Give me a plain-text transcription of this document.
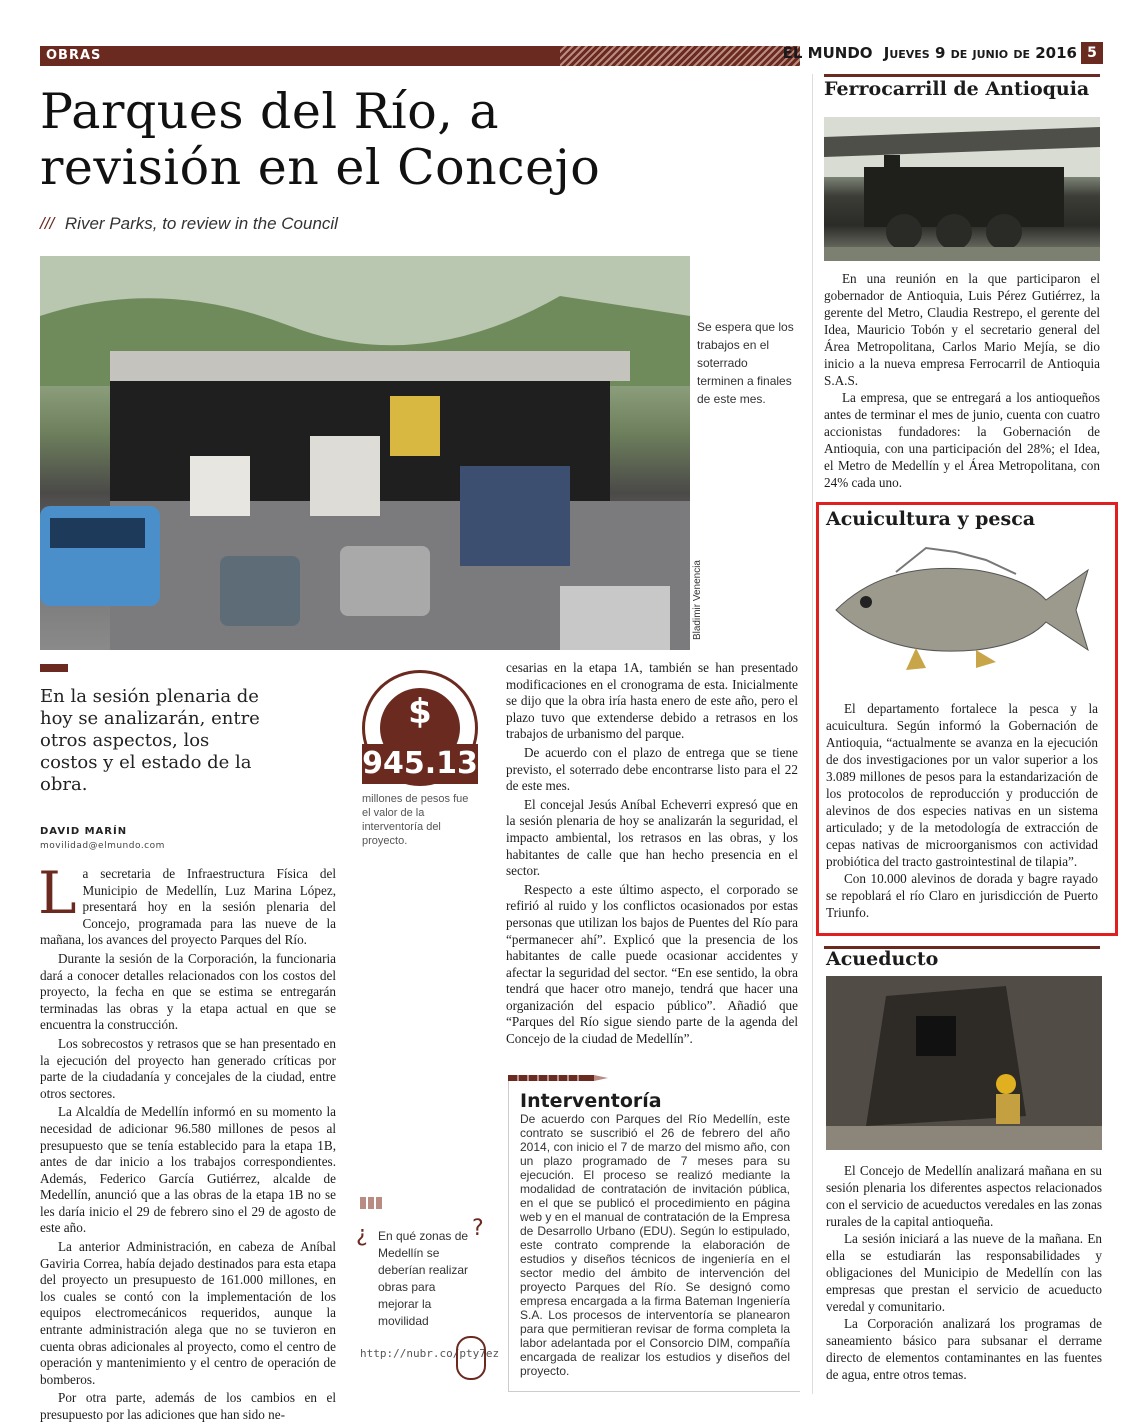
OBRAS	EL MUNDO Jueves 9 de junio de 2016 5
Parques del Río, a
revisión en el Concejo
/// River Parks, to review in the Council
Se espera que los trabajos en el soterrado terminen a finales de este mes.
Bladimir Venencia
En la sesión plenaria de hoy se analizarán, entre otros aspectos, los costos y el estado de la obra.
$
945.13
millones de pesos fue el valor de la interventoría del proyecto.
DAVID MARÍN
movilidad@elmundo.com

La secretaria de Infraestructura Física del Municipio de Medellín, Luz Marina López, presentará hoy en la sesión plenaria del Concejo, programada para las nueve de la mañana, los avances del proyecto Parques del Río.

Durante la sesión de la Corporación, la funcionaria dará a conocer detalles relacionados con los costos del proyecto, la fecha en que se estima se entregarán terminadas las obras y la etapa actual en que se encuentra la construcción.

Los sobrecostos y retrasos que se han presentado en la ejecución del proyecto han generado críticas por parte de la ciudadanía y concejales de la ciudad, entre otros sectores.

La Alcaldía de Medellín informó en su momento la necesidad de adicionar 96.580 millones de pesos al presupuesto que se tenía establecido para la etapa 1B, antes de dar inicio a los trabajos correspondientes. Además, Federico García Gutiérrez, alcalde de Medellín, anunció que a las obras de la etapa 1B no se les daría inicio el 29 de febrero sino el 29 de agosto de este año.

La anterior Administración, en cabeza de Aníbal Gaviria Correa, había dejado destinados para esta etapa del proyecto un presupuesto de 161.000 millones, en los cuales se contó con la implementación de los equipos electromecánicos requeridos, aunque la entrante administración alega que no se tuvieron en cuenta obras adicionales al proyecto, como el centro de operación y mantenimiento y el centro de operación de bomberos.

Por otra parte, además de los cambios en el presupuesto por las adiciones que han sido ne-

cesarias en la etapa 1A, también se han presentado modificaciones en el cronograma de esta. Inicialmente se dijo que la obra iría hasta enero de este año, pero el plazo tuvo que extenderse debido a retrasos en los trabajos de urbanismo del parque.

De acuerdo con el plazo de entrega que se tiene previsto, el soterrado debe encontrarse listo para el 22 de este mes.

El concejal Jesús Aníbal Echeverri expresó que en la sesión plenaria de hoy se analizarán la seguridad, el impacto ambiental, los retrasos en las obras, y los habitantes de calle que han hecho presencia en el sector.

Respecto a este último aspecto, el corporado se refirió al ruido y los conflictos ocasionados por estas personas que utilizan los bajos de Puentes del Río para “permanecer ahí”. Explicó que la presencia de los habitantes de calle puede ocasionar accidentes y afectar la seguridad del sector. “En ese sentido, la obra tendrá que hacer otro manejo, tendrá que hacer una organización del espacio público”. Añadió que “Parques del Río sigue siendo parte de la agenda del Concejo de la ciudad de Medellín”.

¿	?
En qué zonas de Medellín se deberían realizar obras para mejorar la movilidad
http://nubr.co/pty7ez
Interventoría
De acuerdo con Parques del Río Medellín, este contrato se suscribió el 26 de febrero del año 2014, con inicio el 7 de marzo del mismo año, con un plazo programado de 7 meses para su ejecución. El proceso se realizó mediante la modalidad de contratación de invitación pública, en el que se publicó el procedimiento en página web y en el manual de contratación de la Empresa de Desarrollo Urbano (EDU). Según lo estipulado, este contrato comprende la elaboración de estudios y diseños técnicos de ingeniería en el sector medio del ámbito de intervención del proyecto Parques del Río. Se designó como empresa encargada a la firma Bateman Ingeniería S.A. Los procesos de interventoría se planearon para que permitieran revisar de forma completa la labor adelantada por el Consorcio DIM, compañía encargada de realizar los estudios y diseños del proyecto.
Ferrocarrill de Antioquia

En una reunión en la que participaron el gobernador de Antioquia, Luis Pérez Gutiérrez, la gerente del Metro, Claudia Restrepo, el gerente del Idea, Mauricio Tobón y el secretario general del Área Metropolitana, Carlos Mario Mejía, se dio inicio a la nueva empresa Ferrocarril de Antioquia S.A.S.

La empresa, que se entregará a los antioqueños antes de terminar el mes de junio, cuenta con cuatro accionistas fundadores: la Gobernación de Antioquia, con una participación del 28%; el Idea, el Metro de Medellín y el Área Metropolitana, con 24% cada uno.

Acuicultura y pesca

El departamento fortalece la pesca y la acuicultura. Según informó la Gobernación de Antioquia, “actualmente se avanza en la ejecución de dos investigaciones por un valor superior a los 3.089 millones de pesos para la estandarización de los protocolos de reproducción y producción de alevinos de dos especies nativas en un sistema articulado; y de la metodología de extracción de cepas nativas de microorganismos con actividad probiótica del tracto gastrointestinal de tilapia”.

Con 10.000 alevinos de dorada y bagre rayado se repoblará el río Claro en jurisdicción de Puerto Triunfo.

Acueducto

El Concejo de Medellín analizará mañana en su sesión plenaria los diferentes aspectos relacionados con el servicio de acueductos veredales en las zonas rurales de la capital antioqueña.

La sesión iniciará a las nueve de la mañana. En ella se estudiarán las responsabilidades y obligaciones del Municipio de Medellín con las empresas que prestan el servicio de acueducto veredal y comunitario.

La Corporación analizará los programas de saneamiento básico para subsanar el derrame directo de elementos contaminantes en las fuentes de agua, entre otros temas.
